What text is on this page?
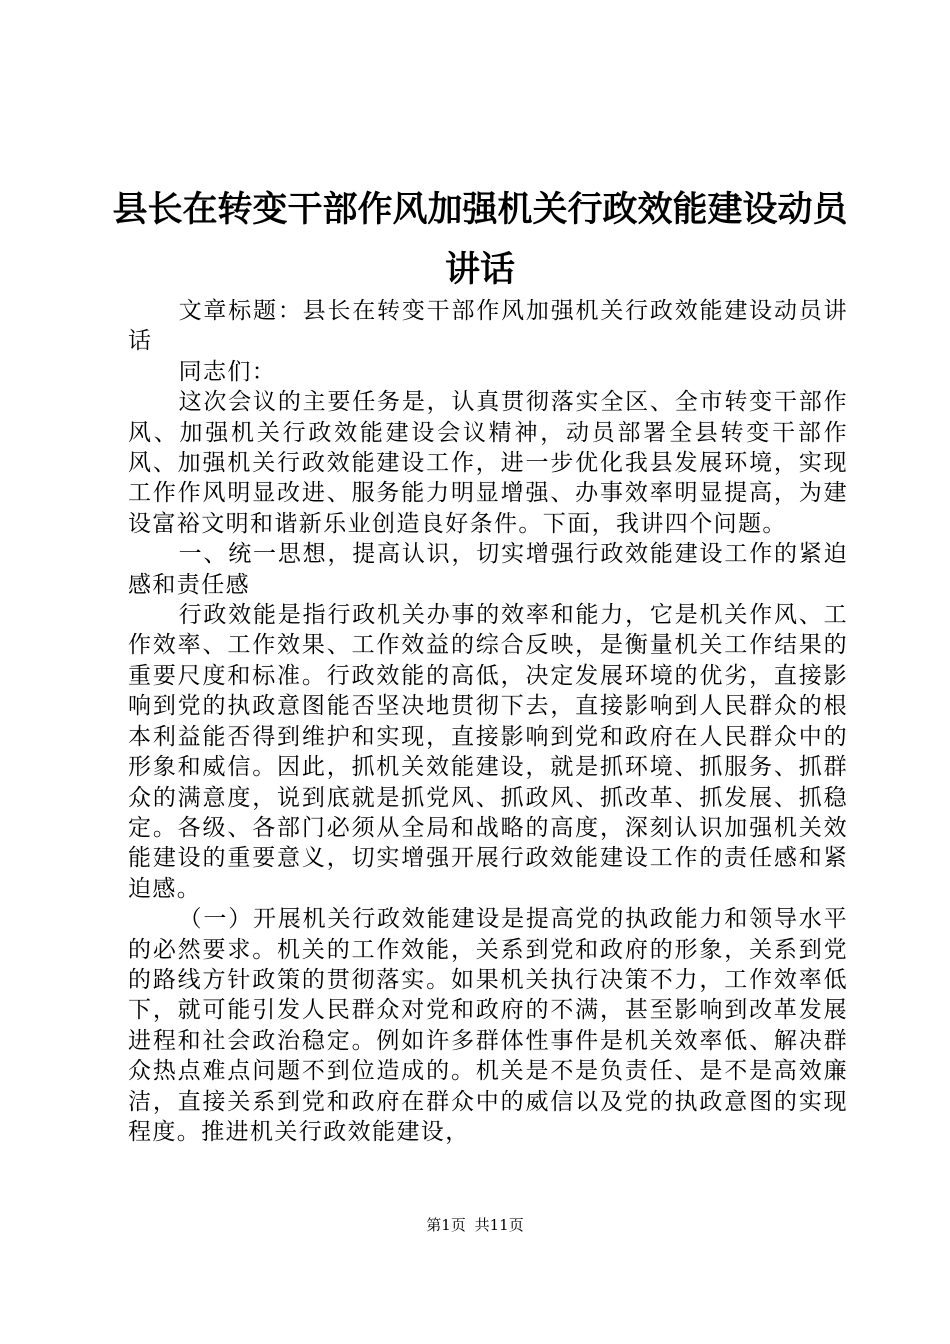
县长在转变干部作风加强机关行政效能建设动员讲话

文章标题：县长在转变干部作风加强机关行政效能建设动员讲话

同志们：

这次会议的主要任务是，认真贯彻落实全区、全市转变干部作风、加强机关行政效能建设会议精神，动员部署全县转变干部作风、加强机关行政效能建设工作，进一步优化我县发展环境，实现工作作风明显改进、服务能力明显增强、办事效率明显提高，为建设富裕文明和谐新乐业创造良好条件。下面，我讲四个问题。

一、统一思想，提高认识，切实增强行政效能建设工作的紧迫感和责任感

行政效能是指行政机关办事的效率和能力，它是机关作风、工作效率、工作效果、工作效益的综合反映，是衡量机关工作结果的重要尺度和标准。行政效能的高低，决定发展环境的优劣，直接影响到党的执政意图能否坚决地贯彻下去，直接影响到人民群众的根本利益能否得到维护和实现，直接影响到党和政府在人民群众中的形象和威信。因此，抓机关效能建设，就是抓环境、抓服务、抓群众的满意度，说到底就是抓党风、抓政风、抓改革、抓发展、抓稳定。各级、各部门必须从全局和战略的高度，深刻认识加强机关效能建设的重要意义，切实增强开展行政效能建设工作的责任感和紧迫感。

（一）开展机关行政效能建设是提高党的执政能力和领导水平的必然要求。机关的工作效能，关系到党和政府的形象，关系到党的路线方针政策的贯彻落实。如果机关执行决策不力，工作效率低下，就可能引发人民群众对党和政府的不满，甚至影响到改革发展进程和社会政治稳定。例如许多群体性事件是机关效率低、解决群众热点难点问题不到位造成的。机关是不是负责任、是不是高效廉洁，直接关系到党和政府在群众中的威信以及党的执政意图的实现程度。推进机关行政效能建设，

第1页 共11页
